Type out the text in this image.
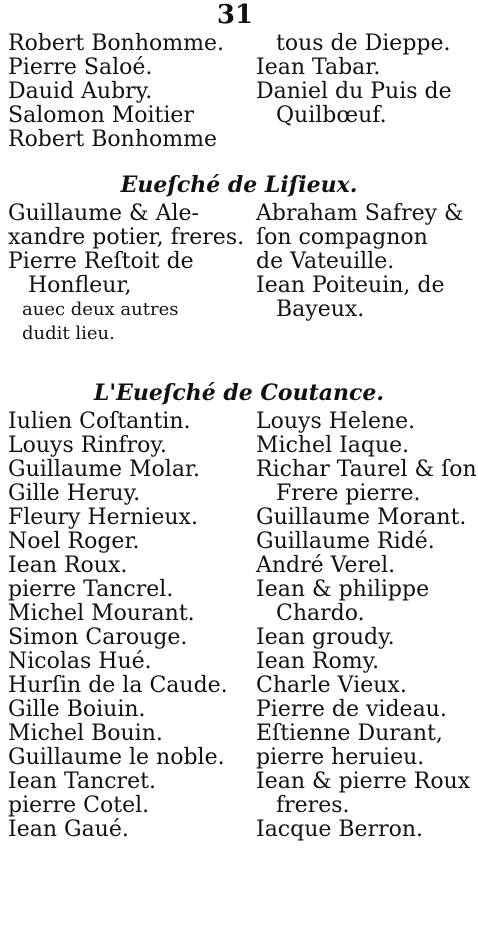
31
Robert Bonhomme.
Pierre Saloé.
Dauid Aubry.
Salomon Moitier
Robert Bonhomme
tous de Dieppe.
Iean Tabar.
Daniel du Puis de
Quilbœuf.
Eueſché de Liſieux.
Guillaume & Ale-
xandre potier, freres.
Pierre Reſtoit de
Honfleur,
auec deux autres
dudit lieu.
Abraham Safrey &
ſon compagnon
de Vateuille.
Iean Poiteuin, de
Bayeux.
L'Eueſché de Coutance.
Iulien Coſtantin.
Louys Rinfroy.
Guillaume Molar.
Gille Heruy.
Fleury Hernieux.
Noel Roger.
Iean Roux.
pierre Tancrel.
Michel Mourant.
Simon Carouge.
Nicolas Hué.
Hurſin de la Caude.
Gille Boiuin.
Michel Bouin.
Guillaume le noble.
Iean Tancret.
pierre Cotel.
Iean Gaué.
Louys Helene.
Michel Iaque.
Richar Taurel & ſon
Frere pierre.
Guillaume Morant.
Guillaume Ridé.
André Verel.
Iean & philippe
Chardo.
Iean groudy.
Iean Romy.
Charle Vieux.
Pierre de videau.
Eſtienne Durant,
pierre heruieu.
Iean & pierre Roux
freres.
Iacque Berron.
